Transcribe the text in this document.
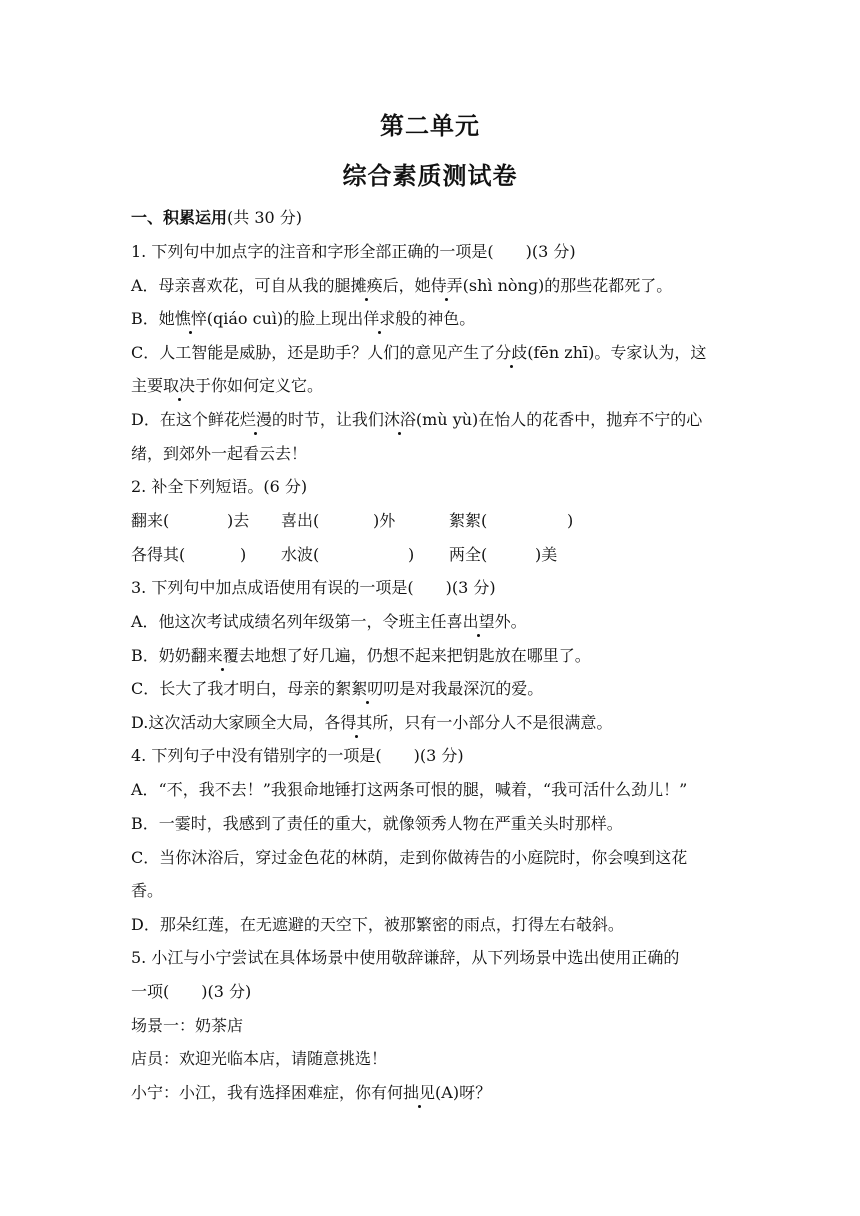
第二单元
综合素质测试卷
一、积累运用(共 30 分)
1. 下列句中加点字的注音和字形全部正确的一项是(　　)(3 分)
A．母亲喜欢花，可自从我的腿摊痪后，她侍弄(shì nònɡ)的那些花都死了。
B．她憔悴(qiáo cuì)的脸上现出佯求般的神色。
C．人工智能是威胁，还是助手？人们的意见产生了分歧(fēn zhī)。专家认为，这
主要取决于你如何定义它。
D．在这个鲜花烂漫的时节，让我们沐浴(mù yù)在怡人的花香中，抛弃不宁的心
绪，到郊外一起看云去！
2. 补全下列短语。(6 分)
翻来(	)去 喜出(	)外	絮絮(	)
各得其(	) 水波(	) 两全(	)美
3. 下列句中加点成语使用有误的一项是(　　)(3 分)
A．他这次考试成绩名列年级第一，令班主任喜出望外。
B．奶奶翻来覆去地想了好几遍，仍想不起来把钥匙放在哪里了。
C．长大了我才明白，母亲的絮絮叨叨是对我最深沉的爱。
D.这次活动大家顾全大局，各得其所，只有一小部分人不是很满意。
4. 下列句子中没有错别字的一项是(　　)(3 分)
A．“不，我不去！”我狠命地锤打这两条可恨的腿，喊着，“我可活什么劲儿！”
B．一霎时，我感到了责任的重大，就像领秀人物在严重关头时那样。
C．当你沐浴后，穿过金色花的林荫，走到你做祷告的小庭院时，你会嗅到这花
香。
D．那朵红莲，在无遮避的天空下，被那繁密的雨点，打得左右攲斜。
5. 小江与小宁尝试在具体场景中使用敬辞谦辞，从下列场景中选出使用正确的
一项(　　)(3 分)
场景一：奶茶店
店员：欢迎光临本店，请随意挑选！
小宁：小江，我有选择困难症，你有何拙见(A)呀？
